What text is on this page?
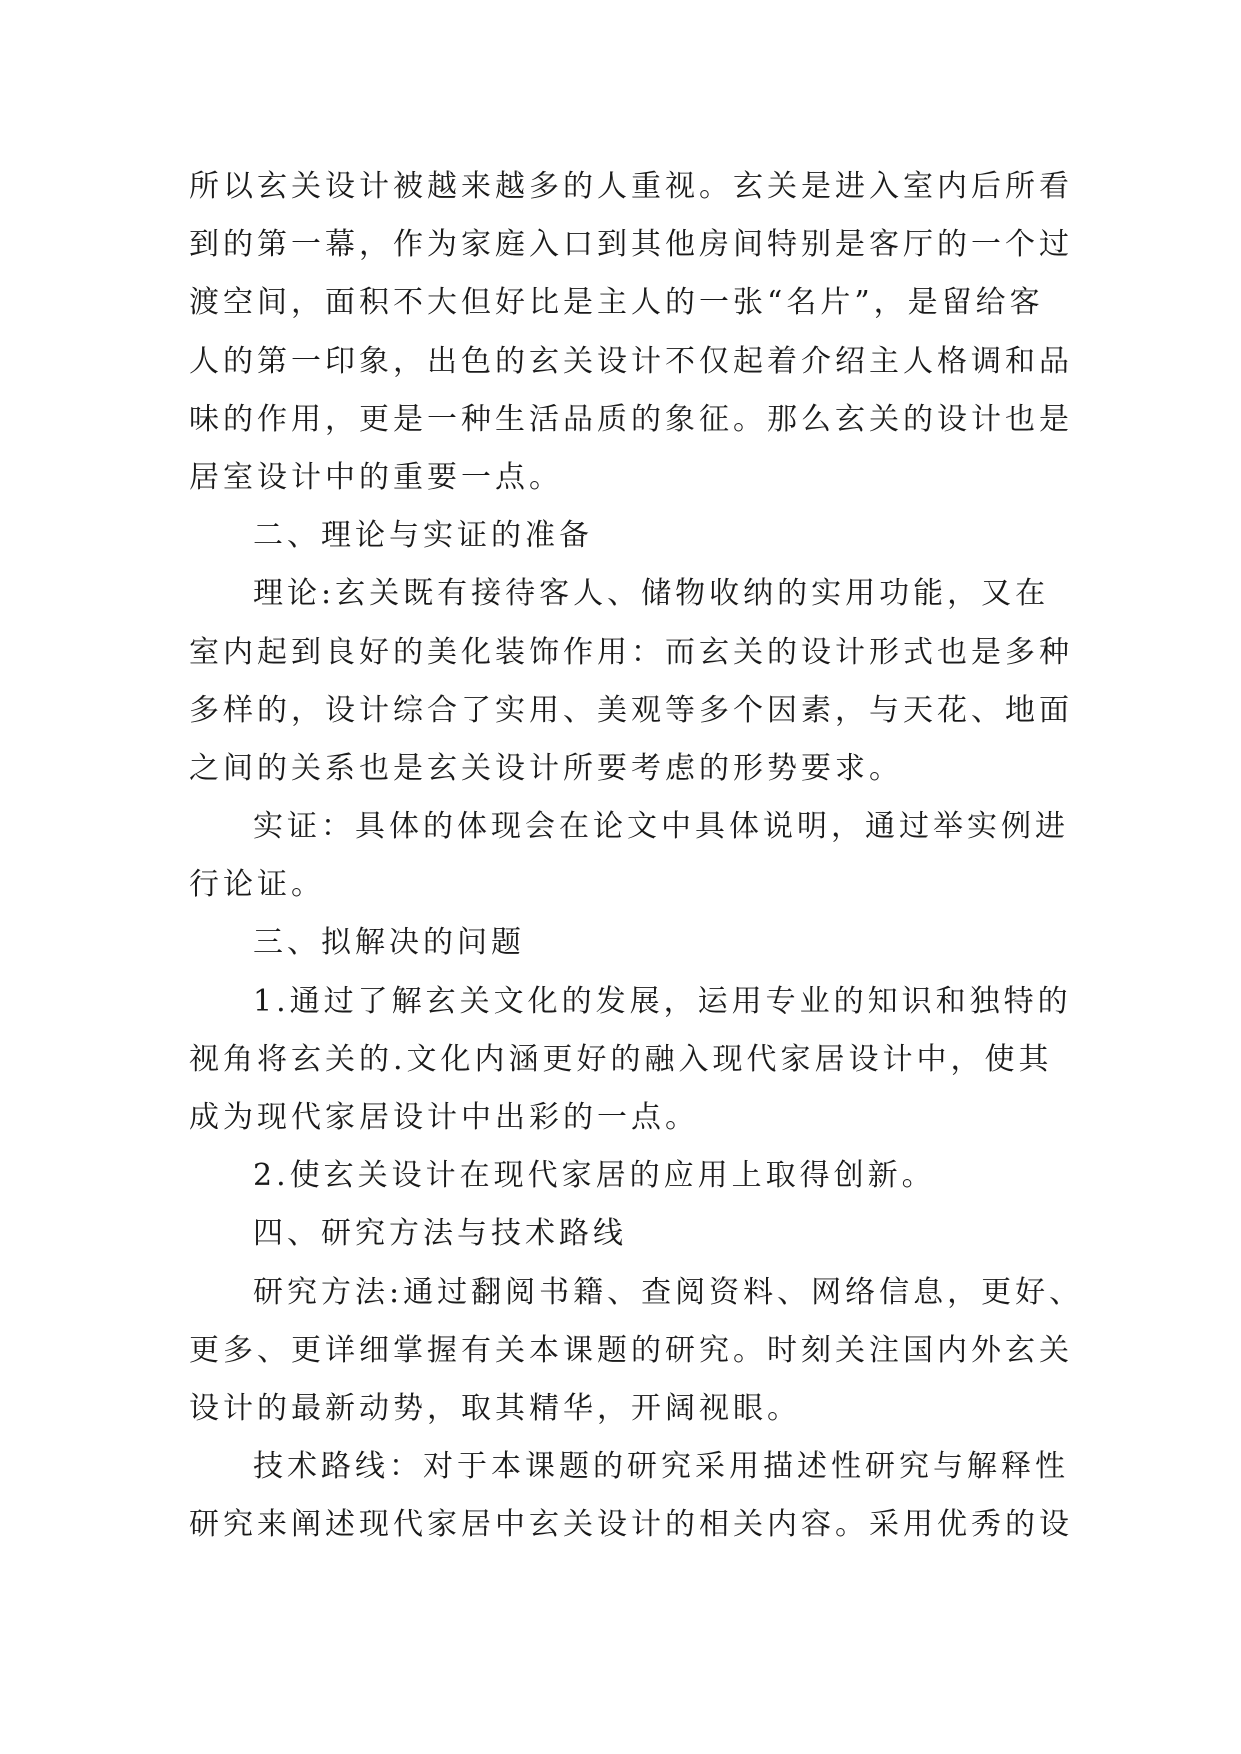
所以玄关设计被越来越多的人重视。玄关是进入室内后所看
到的第一幕，作为家庭入口到其他房间特别是客厅的一个过
渡空间，面积不大但好比是主人的一张“名片”，是留给客
人的第一印象，出色的玄关设计不仅起着介绍主人格调和品
味的作用，更是一种生活品质的象征。那么玄关的设计也是
居室设计中的重要一点。
二、理论与实证的准备
理论:玄关既有接待客人、储物收纳的实用功能，又在
室内起到良好的美化装饰作用：而玄关的设计形式也是多种
多样的，设计综合了实用、美观等多个因素，与天花、地面
之间的关系也是玄关设计所要考虑的形势要求。
实证：具体的体现会在论文中具体说明，通过举实例进
行论证。
三、拟解决的问题
1.通过了解玄关文化的发展，运用专业的知识和独特的
视角将玄关的.文化内涵更好的融入现代家居设计中，使其
成为现代家居设计中出彩的一点。
2.使玄关设计在现代家居的应用上取得创新。
四、研究方法与技术路线
研究方法:通过翻阅书籍、查阅资料、网络信息，更好、
更多、更详细掌握有关本课题的研究。时刻关注国内外玄关
设计的最新动势，取其精华，开阔视眼。
技术路线：对于本课题的研究采用描述性研究与解释性
研究来阐述现代家居中玄关设计的相关内容。采用优秀的设
